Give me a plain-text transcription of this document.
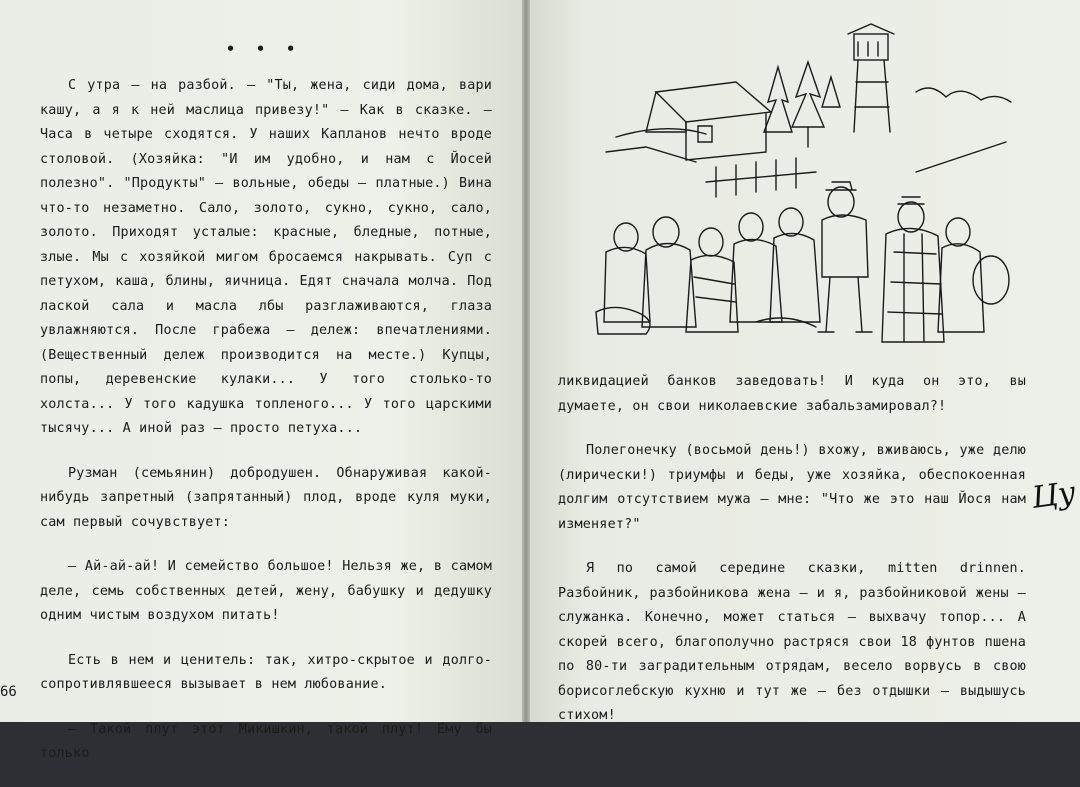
• • •

С утра – на разбой. – "Ты, жена, сиди дома, вари кашу, а я к ней маслица привезу!" – Как в сказке. – Часа в четыре сходятся. У наших Капланов нечто вроде столовой. (Хозяйка: "И им удобно, и нам с Йосей полезно". "Продукты" – вольные, обеды – платные.) Вина что-то незаметно. Сало, золото, сукно, сукно, сало, золото. Приходят усталые: красные, бледные, потные, злые. Мы с хозяйкой мигом бросаемся накрывать. Суп с петухом, каша, блины, яичница. Едят сначала молча. Под лаской сала и масла лбы разглаживаются, глаза увлажняются. После грабежа – дележ: впечатлениями. (Вещественный дележ производится на месте.) Купцы, попы, деревенские кулаки... У того столько-то холста... У того кадушка топленого... У того царскими тысячу... А иной раз – просто петуха...

Рузман (семьянин) добродушен. Обнаруживая какой-нибудь запретный (запрятанный) плод, вроде куля муки, сам первый сочувствует:

– Ай-ай-ай! И семейство большое! Нельзя же, в самом деле, семь собственных детей, жену, бабушку и дедушку одним чистым воздухом питать!

Есть в нем и ценитель: так, хитро-скрытое и долго-сопротивлявшееся вызывает в нем любование.

– Такой плут этот Микишкин, такой плут! Ему бы только

66

ликвидацией банков заведовать! И куда он это, вы думаете, он свои николаевские забальзамировал?!

Полегонечку (восьмой день!) вхожу, вживаюсь, уже делю (лирически!) триумфы и беды, уже хозяйка, обеспокоенная долгим отсутствием мужа – мне: "Что же это наш Йося нам изменяет?"

Я по самой середине сказки, mitten drinnen. Разбойник, разбойникова жена – и я, разбойниковой жены – служанка. Конечно, может статься – выхвачу топор... А скорей всего, благополучно растряся свои 18 фунтов пшена по 80-ти заградительным отрядам, весело ворвусь в свою борисоглебскую кухню и тут же – без отдышки – выдышусь стихом!

Цу
